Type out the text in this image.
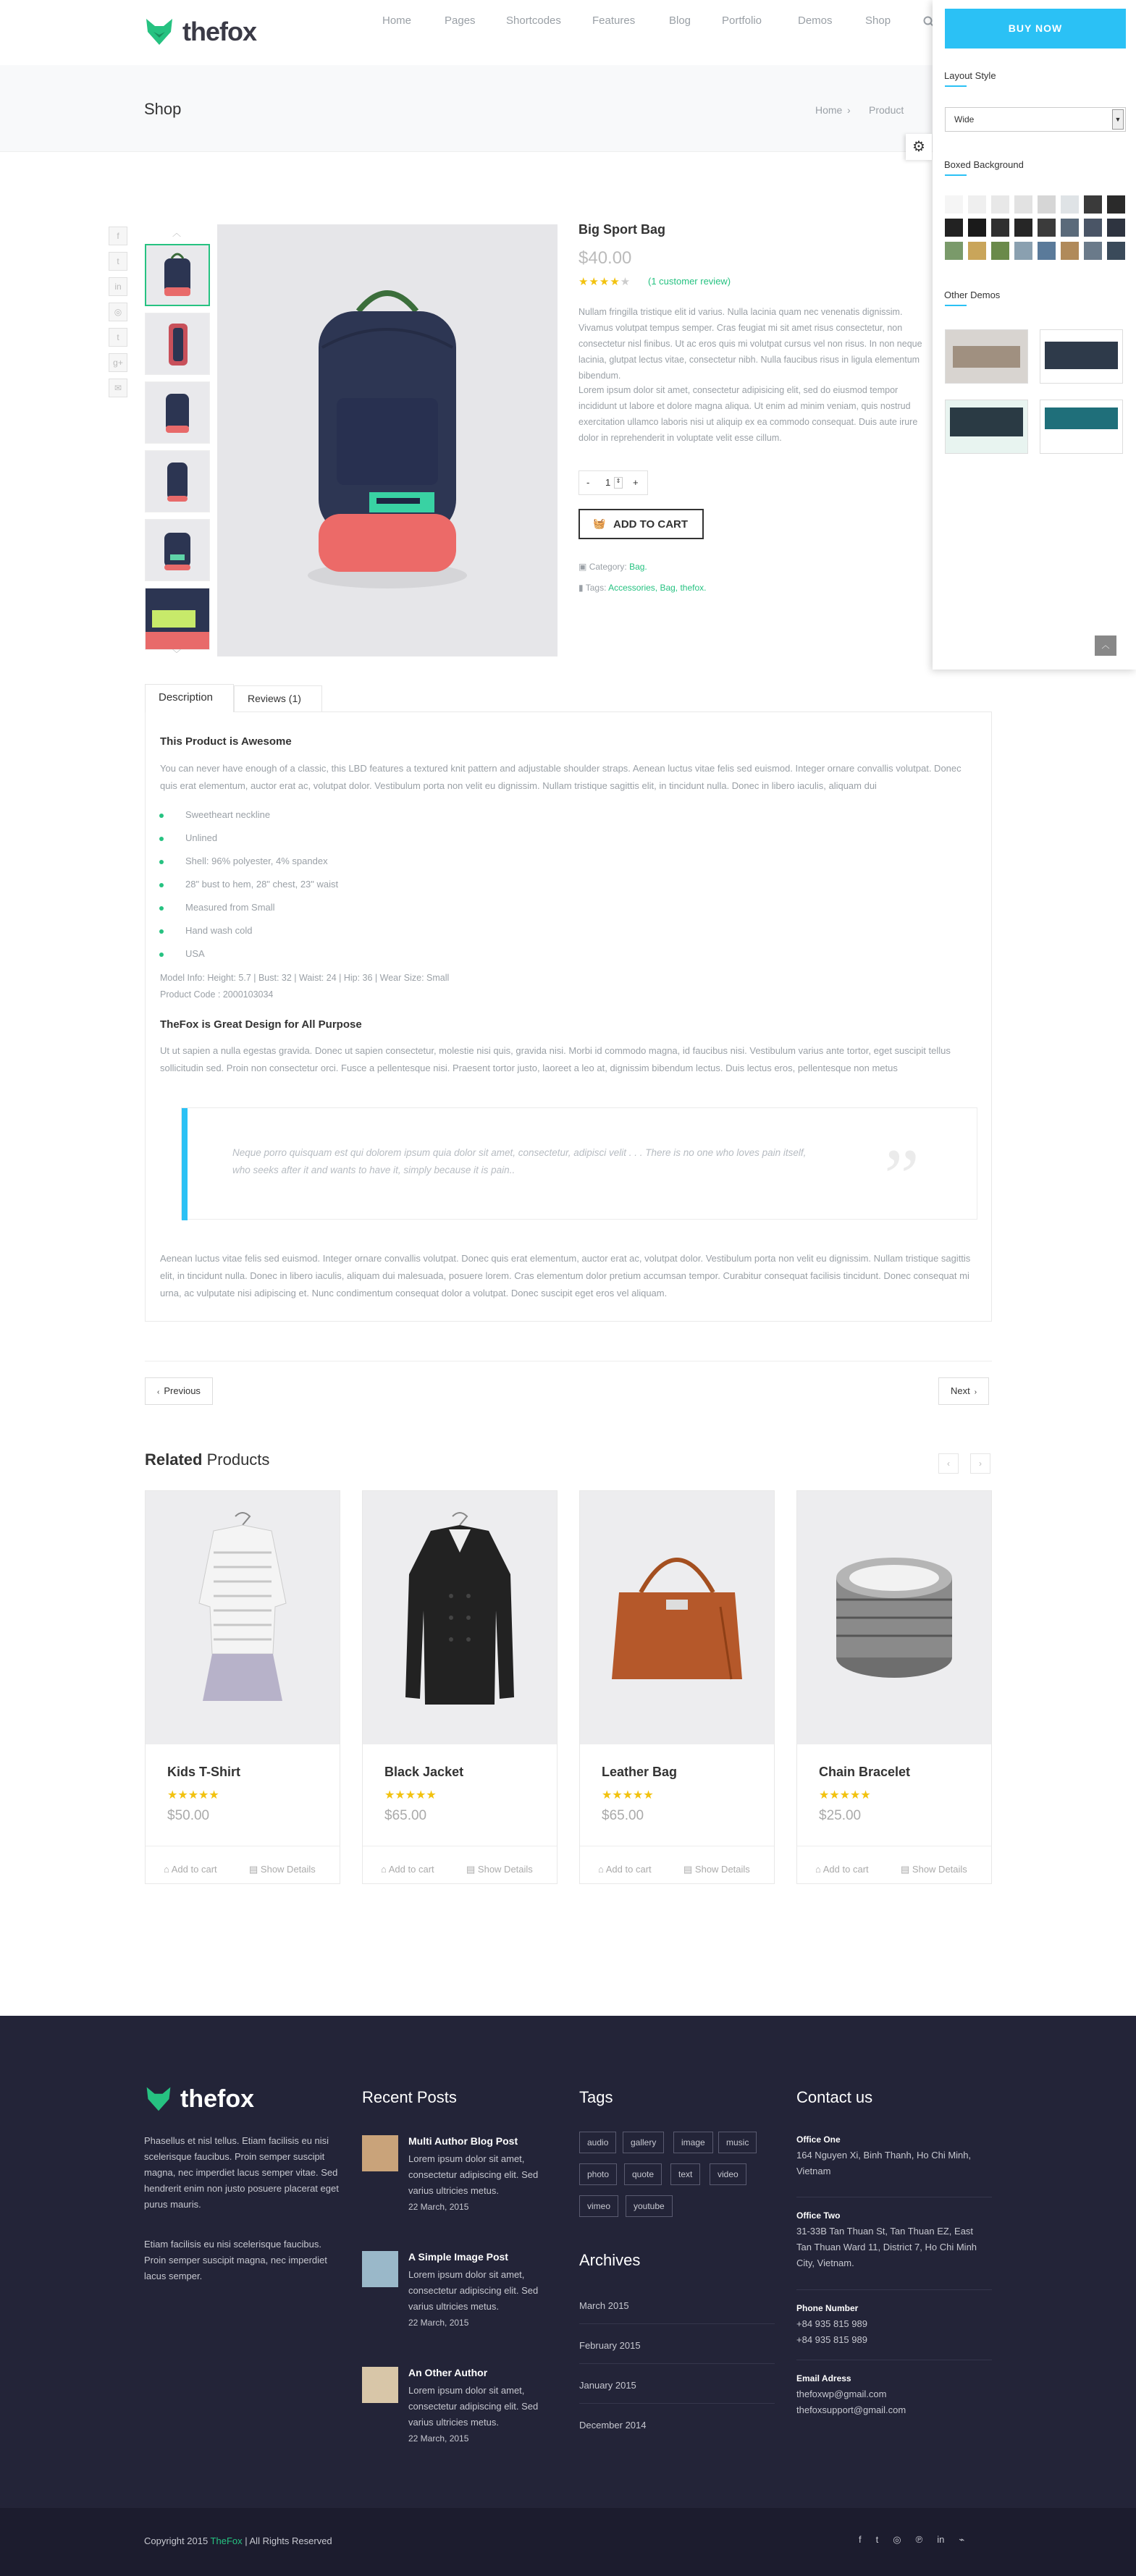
thefox	Home	Pages	Shortcodes	Features	Blog	Portfolio	Demos	Shop
Shop	Home › Product
f
t
in
◎
t
g+
✉
︿
﹀
Big Sport Bag
$40.00
★★★★★ (1 customer review)
Nullam fringilla tristique elit id varius. Nulla lacinia quam nec venenatis dignissim. Vivamus volutpat tempus semper. Cras feugiat mi sit amet risus consectetur, non consectetur nisl finibus. Ut ac eros quis mi volutpat cursus vel non risus. In non neque lacinia, glutpat lectus vitae, consectetur nibh. Nulla faucibus risus in ligula elementum bibendum.
Lorem ipsum dolor sit amet, consectetur adipisicing elit, sed do eiusmod tempor incididunt ut labore et dolore magna aliqua. Ut enim ad minim veniam, quis nostrud exercitation ullamco laboris nisi ut aliquip ex ea commodo consequat. Duis aute irure dolor in reprehenderit in voluptate velit esse cillum.
- 1 ⇕ +
🧺 ADD TO CART
▣ Category: Bag.
▮ Tags: Accessories, Bag, thefox.
Description	Reviews (1)
This Product is Awesome
You can never have enough of a classic, this LBD features a textured knit pattern and adjustable shoulder straps. Aenean luctus vitae felis sed euismod. Integer ornare convallis volutpat. Donec quis erat elementum, auctor erat ac, volutpat dolor. Vestibulum porta non velit eu dignissim. Nullam tristique sagittis elit, in tincidunt nulla. Donec in libero iaculis, aliquam dui
Sweetheart neckline
Unlined
Shell: 96% polyester, 4% spandex
28" bust to hem, 28" chest, 23" waist
Measured from Small
Hand wash cold
USA
Model Info: Height: 5.7 | Bust: 32 | Waist: 24 | Hip: 36 | Wear Size: Small
Product Code : 2000103034
TheFox is Great Design for All Purpose
Ut ut sapien a nulla egestas gravida. Donec ut sapien consectetur, molestie nisi quis, gravida nisi. Morbi id commodo magna, id faucibus nisi. Vestibulum varius ante tortor, eget suscipit tellus sollicitudin sed. Proin non consectetur orci. Fusce a pellentesque nisi. Praesent tortor justo, laoreet a leo at, dignissim bibendum lectus. Duis lectus eros, pellentesque non metus
Neque porro quisquam est qui dolorem ipsum quia dolor sit amet, consectetur, adipisci velit . . . There is no one who loves pain itself, who seeks after it and wants to have it, simply because it is pain..	”
Aenean luctus vitae felis sed euismod. Integer ornare convallis volutpat. Donec quis erat elementum, auctor erat ac, volutpat dolor. Vestibulum porta non velit eu dignissim. Nullam tristique sagittis elit, in tincidunt nulla. Donec in libero iaculis, aliquam dui malesuada, posuere lorem. Cras elementum dolor pretium accumsan tempor. Curabitur consequat facilisis tincidunt. Donec consequat mi urna, ac vulputate nisi adipiscing et. Nunc condimentum consequat dolor a volutpat. Donec suscipit eget eros vel aliquam.
‹ Previous	Next ›
Related Products	‹	›
Kids T-Shirt
★★★★★
$50.00
⌂ Add to cart	▤ Show Details
Black Jacket
★★★★★
$65.00
⌂ Add to cart	▤ Show Details
Leather Bag
★★★★★
$65.00
⌂ Add to cart	▤ Show Details
Chain Bracelet
★★★★★
$25.00
⌂ Add to cart	▤ Show Details
thefox
Phasellus et nisl tellus. Etiam facilisis eu nisi scelerisque faucibus. Proin semper suscipit magna, nec imperdiet lacus semper vitae. Sed hendrerit enim non justo posuere placerat eget purus mauris.
Etiam facilisis eu nisi scelerisque faucibus. Proin semper suscipit magna, nec imperdiet lacus semper.
Recent Posts
Multi Author Blog Post
Lorem ipsum dolor sit amet, consectetur adipiscing elit. Sed varius ultricies metus.
22 March, 2015
A Simple Image Post
Lorem ipsum dolor sit amet, consectetur adipiscing elit. Sed varius ultricies metus.
22 March, 2015
An Other Author
Lorem ipsum dolor sit amet, consectetur adipiscing elit. Sed varius ultricies metus.
22 March, 2015
Tags
audio	gallery	image	music
photo	quote	text	video
vimeo	youtube
Archives
March 2015
February 2015
January 2015
December 2014
Contact us
Office One
164 Nguyen Xi, Binh Thanh, Ho Chi Minh, Vietnam
Office Two
31-33B Tan Thuan St, Tan Thuan EZ, East Tan Thuan Ward 11, District 7, Ho Chi Minh City, Vietnam.
Phone Number
+84 935 815 989
+84 935 815 989
Email Adress
thefoxwp@gmail.com
thefoxsupport@gmail.com
Copyright 2015 TheFox | All Rights Reserved	f t ◎ ℗ in ⌁
BUY NOW
⚙
Layout Style
Wide	▼
Boxed Background
Other Demos
︿
